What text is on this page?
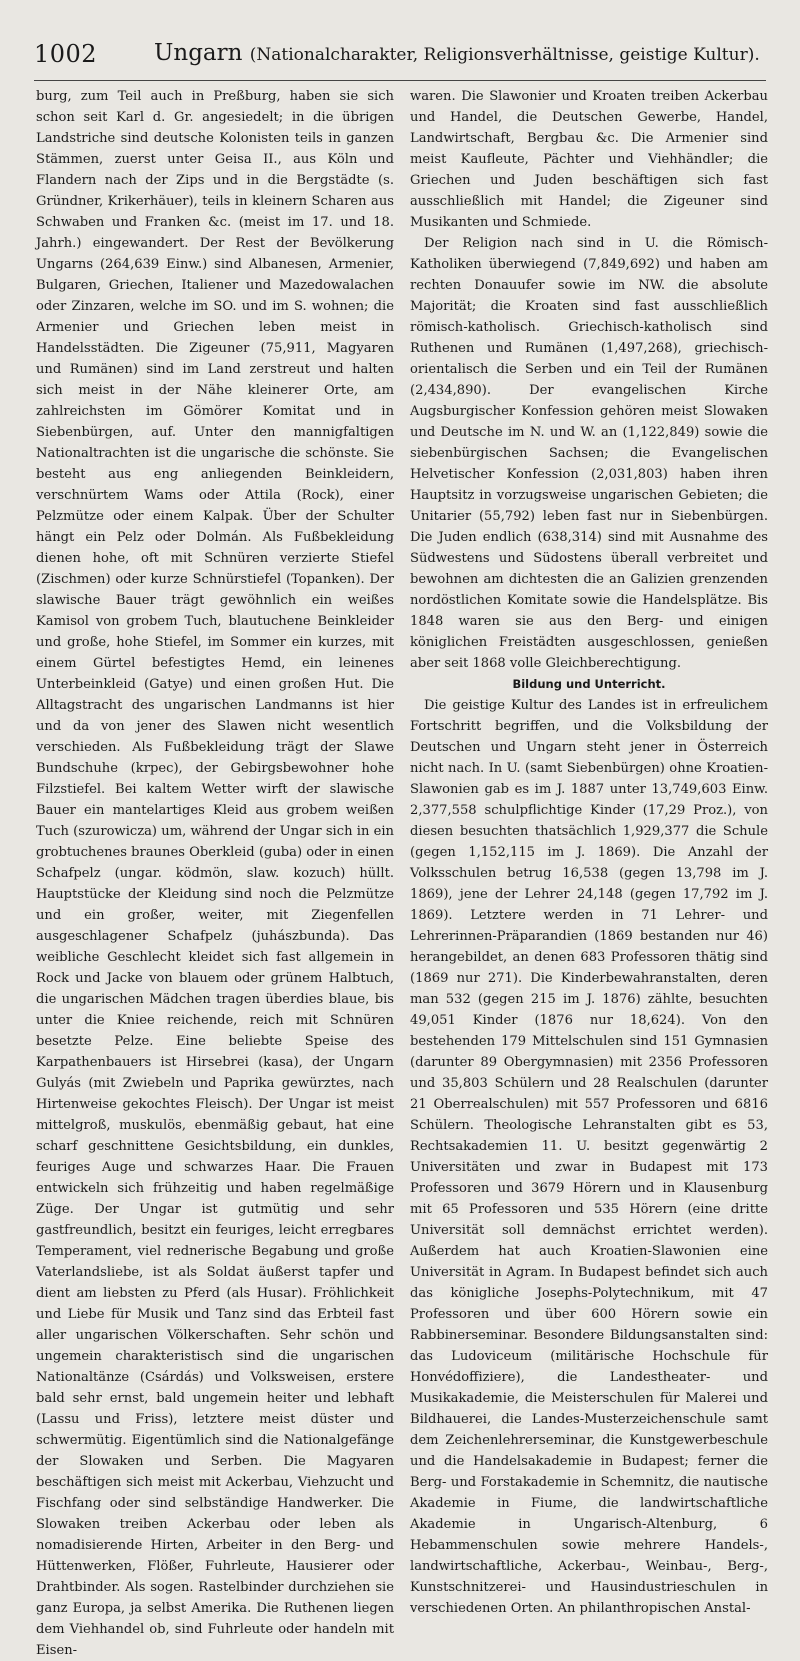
1002 Ungarn (Nationalcharakter, Religionsverhältnisse, geistige Kultur).

burg, zum Teil auch in Preßburg, haben sie sich schon seit Karl d. Gr. angesiedelt; in die übrigen Landstriche sind deutsche Kolonisten teils in ganzen Stämmen, zuerst unter Geisa II., aus Köln und Flandern nach der Zips und in die Bergstädte (s. Gründner, Krikerhäuer), teils in kleinern Scharen aus Schwaben und Franken &c. (meist im 17. und 18. Jahrh.) eingewandert. Der Rest der Bevölkerung Ungarns (264,639 Einw.) sind Albanesen, Armenier, Bulgaren, Griechen, Italiener und Mazedowalachen oder Zinzaren, welche im SO. und im S. wohnen; die Armenier und Griechen leben meist in Handelsstädten. Die Zigeuner (75,911, Magyaren und Rumänen) sind im Land zerstreut und halten sich meist in der Nähe kleinerer Orte, am zahlreichsten im Gömörer Komitat und in Siebenbürgen, auf. Unter den mannigfaltigen Nationaltrachten ist die ungarische die schönste. Sie besteht aus eng anliegenden Beinkleidern, verschnürtem Wams oder Attila (Rock), einer Pelzmütze oder einem Kalpak. Über der Schulter hängt ein Pelz oder Dolmán. Als Fußbekleidung dienen hohe, oft mit Schnüren verzierte Stiefel (Zischmen) oder kurze Schnürstiefel (Topanken). Der slawische Bauer trägt gewöhnlich ein weißes Kamisol von grobem Tuch, blautuchene Beinkleider und große, hohe Stiefel, im Sommer ein kurzes, mit einem Gürtel befestigtes Hemd, ein leinenes Unterbeinkleid (Gatye) und einen großen Hut. Die Alltagstracht des ungarischen Landmanns ist hier und da von jener des Slawen nicht wesentlich verschieden. Als Fußbekleidung trägt der Slawe Bundschuhe (krpec), der Gebirgsbewohner hohe Filzstiefel. Bei kaltem Wetter wirft der slawische Bauer ein mantelartiges Kleid aus grobem weißen Tuch (szurowicza) um, während der Ungar sich in ein grobtuchenes braunes Oberkleid (guba) oder in einen Schafpelz (ungar. ködmön, slaw. kozuch) hüllt. Hauptstücke der Kleidung sind noch die Pelzmütze und ein großer, weiter, mit Ziegenfellen ausgeschlagener Schafpelz (juhászbunda). Das weibliche Geschlecht kleidet sich fast allgemein in Rock und Jacke von blauem oder grünem Halbtuch, die ungarischen Mädchen tragen überdies blaue, bis unter die Kniee reichende, reich mit Schnüren besetzte Pelze. Eine beliebte Speise des Karpathenbauers ist Hirsebrei (kasa), der Ungarn Gulyás (mit Zwiebeln und Paprika gewürztes, nach Hirtenweise gekochtes Fleisch). Der Ungar ist meist mittelgroß, muskulös, ebenmäßig gebaut, hat eine scharf geschnittene Gesichtsbildung, ein dunkles, feuriges Auge und schwarzes Haar. Die Frauen entwickeln sich frühzeitig und haben regelmäßige Züge. Der Ungar ist gutmütig und sehr gastfreundlich, besitzt ein feuriges, leicht erregbares Temperament, viel rednerische Begabung und große Vaterlandsliebe, ist als Soldat äußerst tapfer und dient am liebsten zu Pferd (als Husar). Fröhlichkeit und Liebe für Musik und Tanz sind das Erbteil fast aller ungarischen Völkerschaften. Sehr schön und ungemein charakteristisch sind die ungarischen Nationaltänze (Csárdás) und Volksweisen, erstere bald sehr ernst, bald ungemein heiter und lebhaft (Lassu und Friss), letztere meist düster und schwermütig. Eigentümlich sind die Nationalgefänge der Slowaken und Serben. Die Magyaren beschäftigen sich meist mit Ackerbau, Viehzucht und Fischfang oder sind selbständige Handwerker. Die Slowaken treiben Ackerbau oder leben als nomadisierende Hirten, Arbeiter in den Berg- und Hüttenwerken, Flößer, Fuhrleute, Hausierer oder Drahtbinder. Als sogen. Rastelbinder durchziehen sie ganz Europa, ja selbst Amerika. Die Ruthenen liegen dem Viehhandel ob, sind Fuhrleute oder handeln mit Eisen-

waren. Die Slawonier und Kroaten treiben Ackerbau und Handel, die Deutschen Gewerbe, Handel, Landwirtschaft, Bergbau &c. Die Armenier sind meist Kaufleute, Pächter und Viehhändler; die Griechen und Juden beschäftigen sich fast ausschließlich mit Handel; die Zigeuner sind Musikanten und Schmiede.

Der Religion nach sind in U. die Römisch-Katholiken überwiegend (7,849,692) und haben am rechten Donauufer sowie im NW. die absolute Majorität; die Kroaten sind fast ausschließlich römisch-katholisch. Griechisch-katholisch sind Ruthenen und Rumänen (1,497,268), griechisch-orientalisch die Serben und ein Teil der Rumänen (2,434,890). Der evangelischen Kirche Augsburgischer Konfession gehören meist Slowaken und Deutsche im N. und W. an (1,122,849) sowie die siebenbürgischen Sachsen; die Evangelischen Helvetischer Konfession (2,031,803) haben ihren Hauptsitz in vorzugsweise ungarischen Gebieten; die Unitarier (55,792) leben fast nur in Siebenbürgen. Die Juden endlich (638,314) sind mit Ausnahme des Südwestens und Südostens überall verbreitet und bewohnen am dichtesten die an Galizien grenzenden nordöstlichen Komitate sowie die Handelsplätze. Bis 1848 waren sie aus den Berg- und einigen königlichen Freistädten ausgeschlossen, genießen aber seit 1868 volle Gleichberechtigung.

Bildung und Unterricht.

Die geistige Kultur des Landes ist in erfreulichem Fortschritt begriffen, und die Volksbildung der Deutschen und Ungarn steht jener in Österreich nicht nach. In U. (samt Siebenbürgen) ohne Kroatien-Slawonien gab es im J. 1887 unter 13,749,603 Einw. 2,377,558 schulpflichtige Kinder (17,29 Proz.), von diesen besuchten thatsächlich 1,929,377 die Schule (gegen 1,152,115 im J. 1869). Die Anzahl der Volksschulen betrug 16,538 (gegen 13,798 im J. 1869), jene der Lehrer 24,148 (gegen 17,792 im J. 1869). Letztere werden in 71 Lehrer- und Lehrerinnen-Präparandien (1869 bestanden nur 46) herangebildet, an denen 683 Professoren thätig sind (1869 nur 271). Die Kinderbewahranstalten, deren man 532 (gegen 215 im J. 1876) zählte, besuchten 49,051 Kinder (1876 nur 18,624). Von den bestehenden 179 Mittelschulen sind 151 Gymnasien (darunter 89 Obergymnasien) mit 2356 Professoren und 35,803 Schülern und 28 Realschulen (darunter 21 Oberrealschulen) mit 557 Professoren und 6816 Schülern. Theologische Lehranstalten gibt es 53, Rechtsakademien 11. U. besitzt gegenwärtig 2 Universitäten und zwar in Budapest mit 173 Professoren und 3679 Hörern und in Klausenburg mit 65 Professoren und 535 Hörern (eine dritte Universität soll demnächst errichtet werden). Außerdem hat auch Kroatien-Slawonien eine Universität in Agram. In Budapest befindet sich auch das königliche Josephs-Polytechnikum, mit 47 Professoren und über 600 Hörern sowie ein Rabbinerseminar. Besondere Bildungsanstalten sind: das Ludoviceum (militärische Hochschule für Honvédoffiziere), die Landestheater- und Musikakademie, die Meisterschulen für Malerei und Bildhauerei, die Landes-Musterzeichenschule samt dem Zeichenlehrerseminar, die Kunstgewerbeschule und die Handelsakademie in Budapest; ferner die Berg- und Forstakademie in Schemnitz, die nautische Akademie in Fiume, die landwirtschaftliche Akademie in Ungarisch-Altenburg, 6 Hebammenschulen sowie mehrere Handels-, landwirtschaftliche, Ackerbau-, Weinbau-, Berg-, Kunstschnitzerei- und Hausindustrieschulen in verschiedenen Orten. An philanthropischen Anstal-
